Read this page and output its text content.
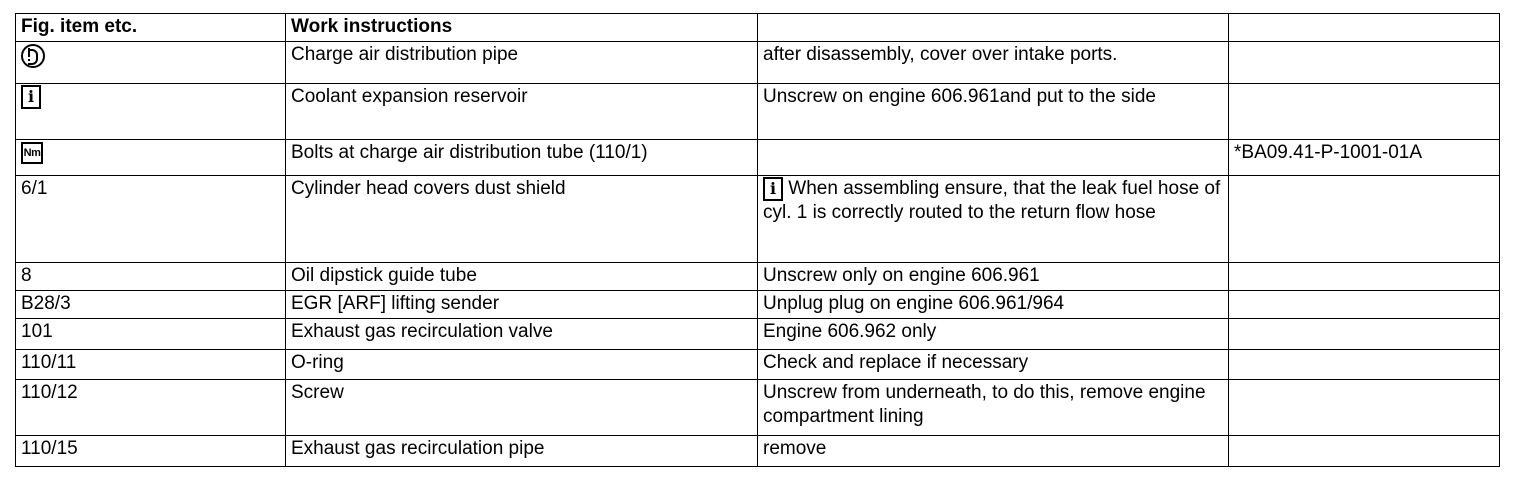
Fig. item etc.	Work instructions		

	Charge air distribution pipe	after disassembly, cover over intake ports.	
i	Coolant expansion reservoir	Unscrew on engine 606.961and put to the side	
Nm	Bolts at charge air distribution tube (110/1)		*BA09.41-P-1001-01A
6/1	Cylinder head covers dust shield	i When assembling ensure, that the leak fuel hose of cyl. 1 is correctly routed to the return flow hose	
8	Oil dipstick guide tube	Unscrew only on engine 606.961	
B28/3	EGR [ARF] lifting sender	Unplug plug on engine 606.961/964	
101	Exhaust gas recirculation valve	Engine 606.962 only	
110/11	O-ring	Check and replace if necessary	
110/12	Screw	Unscrew from underneath, to do this, remove engine compartment lining	
110/15	Exhaust gas recirculation pipe	remove	
